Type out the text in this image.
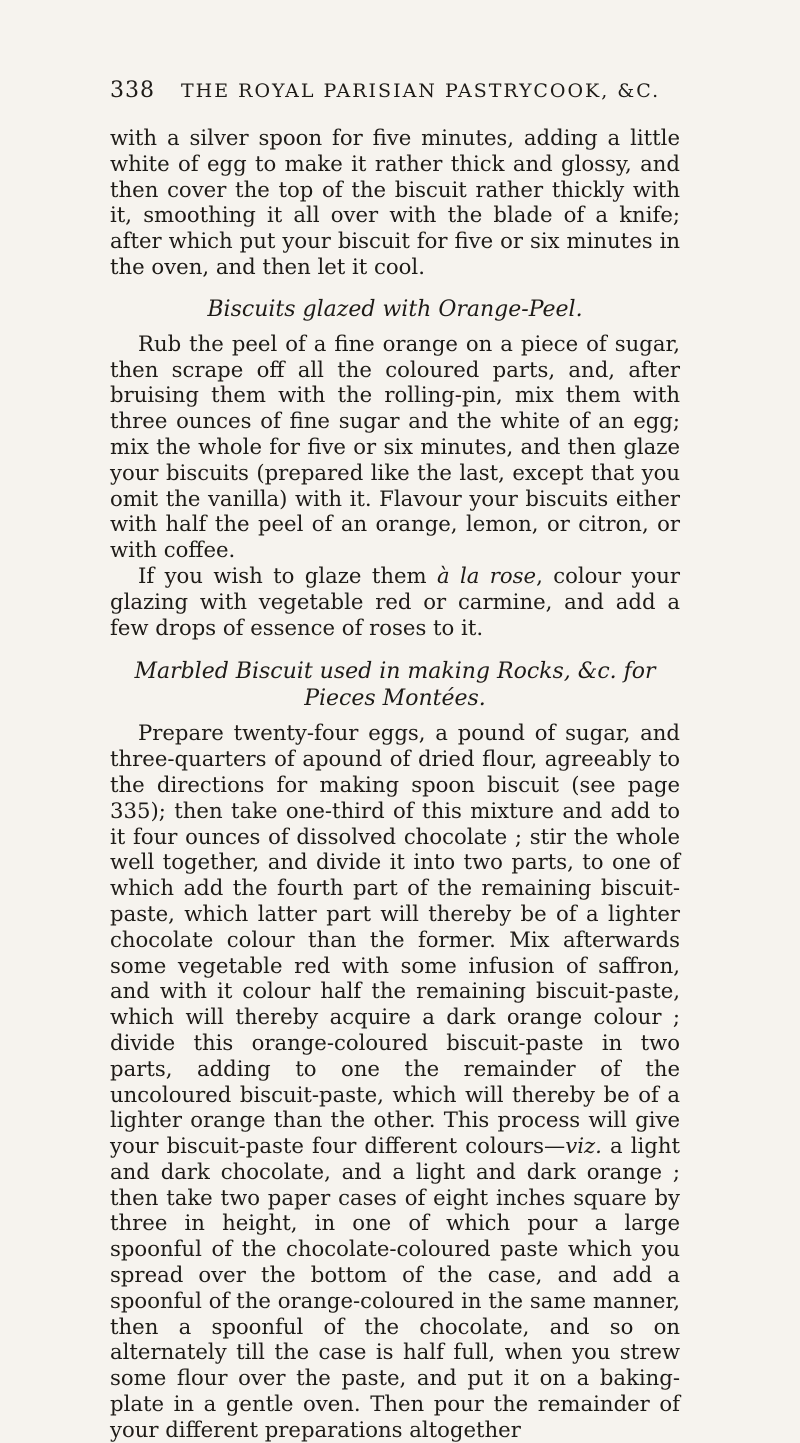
338 THE ROYAL PARISIAN PASTRYCOOK, &C.

with a silver spoon for five minutes, adding a little white of egg to make it rather thick and glossy, and then cover the top of the biscuit rather thickly with it, smoothing it all over with the blade of a knife; after which put your biscuit for five or six minutes in the oven, and then let it cool.

Biscuits glazed with Orange-Peel.

Rub the peel of a fine orange on a piece of sugar, then scrape off all the coloured parts, and, after bruising them with the rolling-pin, mix them with three ounces of fine sugar and the white of an egg; mix the whole for five or six minutes, and then glaze your biscuits (prepared like the last, except that you omit the vanilla) with it. Flavour your biscuits either with half the peel of an orange, lemon, or citron, or with coffee.

If you wish to glaze them à la rose, colour your glazing with vegetable red or carmine, and add a few drops of essence of roses to it.

Marbled Biscuit used in making Rocks, &c. for Pieces Montées.

Prepare twenty-four eggs, a pound of sugar, and three-quarters of apound of dried flour, agreeably to the directions for making spoon biscuit (see page 335); then take one-third of this mixture and add to it four ounces of dissolved chocolate ; stir the whole well together, and divide it into two parts, to one of which add the fourth part of the remaining biscuit-paste, which latter part will thereby be of a lighter chocolate colour than the former. Mix afterwards some vegetable red with some infusion of saffron, and with it colour half the remaining biscuit-paste, which will thereby acquire a dark orange colour ; divide this orange-coloured biscuit-paste in two parts, adding to one the remainder of the uncoloured biscuit-paste, which will thereby be of a lighter orange than the other. This process will give your biscuit-paste four different colours—viz. a light and dark chocolate, and a light and dark orange ; then take two paper cases of eight inches square by three in height, in one of which pour a large spoonful of the chocolate-coloured paste which you spread over the bottom of the case, and add a spoonful of the orange-coloured in the same manner, then a spoonful of the chocolate, and so on alternately till the case is half full, when you strew some flour over the paste, and put it on a baking-plate in a gentle oven. Then pour the remainder of your different preparations altogether
